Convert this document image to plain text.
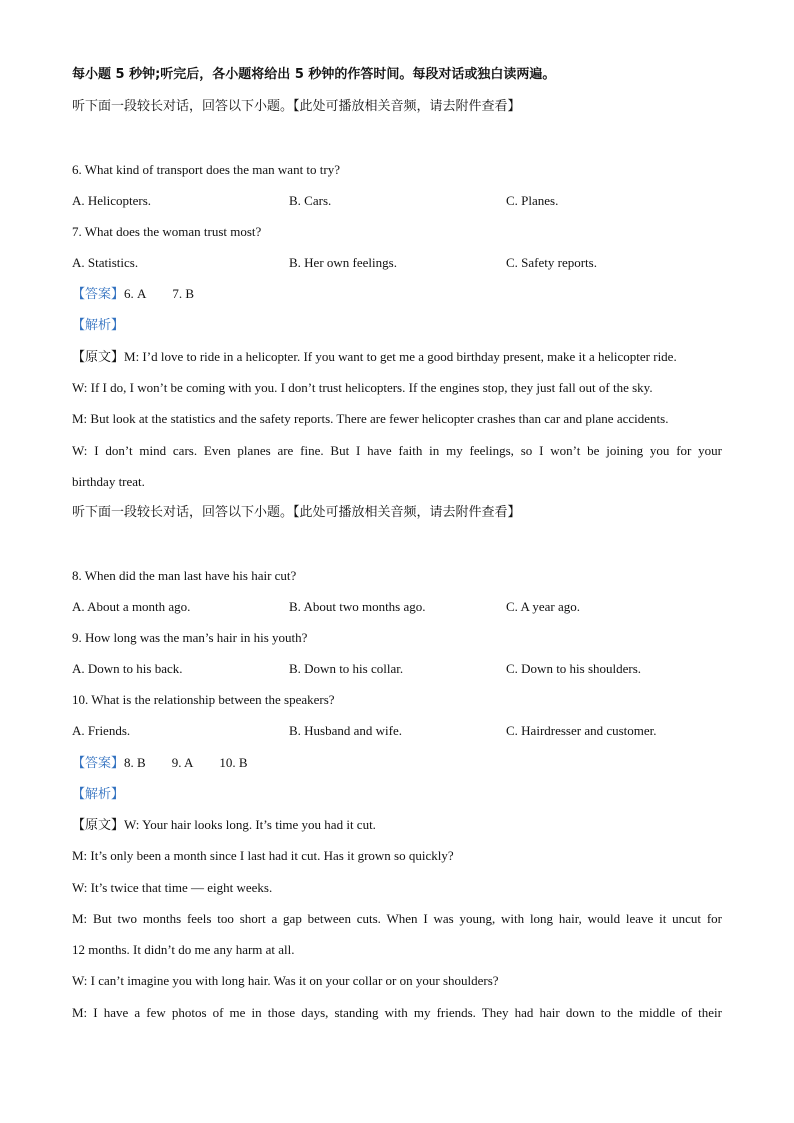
每小题 5 秒钟;听完后，各小题将给出 5 秒钟的作答时间。每段对话或独白读两遍。
听下面一段较长对话，回答以下小题。【此处可播放相关音频，请去附件查看】
6. What kind of transport does the man want to try?
A. Helicopters.	B. Cars.	C. Planes.
7. What does the woman trust most?
A. Statistics.	B. Her own feelings.	C. Safety reports.
【答案】6. A 7. B
【解析】
【原文】M: I’d love to ride in a helicopter. If you want to get me a good birthday present, make it a helicopter ride.
W: If I do, I won’t be coming with you. I don’t trust helicopters. If the engines stop, they just fall out of the sky.
M: But look at the statistics and the safety reports. There are fewer helicopter crashes than car and plane accidents.
W: I don’t mind cars. Even planes are fine. But I have faith in my feelings, so I won’t be joining you for your
birthday treat.
听下面一段较长对话，回答以下小题。【此处可播放相关音频，请去附件查看】
8. When did the man last have his hair cut?
A. About a month ago.	B. About two months ago.	C. A year ago.
9. How long was the man’s hair in his youth?
A. Down to his back.	B. Down to his collar.	C. Down to his shoulders.
10. What is the relationship between the speakers?
A. Friends.	B. Husband and wife.	C. Hairdresser and customer.
【答案】8. B 9. A 10. B
【解析】
【原文】W: Your hair looks long. It’s time you had it cut.
M: It’s only been a month since I last had it cut. Has it grown so quickly?
W: It’s twice that time — eight weeks.
M: But two months feels too short a gap between cuts. When I was young, with long hair, would leave it uncut for
12 months. It didn’t do me any harm at all.
W: I can’t imagine you with long hair. Was it on your collar or on your shoulders?
M: I have a few photos of me in those days, standing with my friends. They had hair down to the middle of their
